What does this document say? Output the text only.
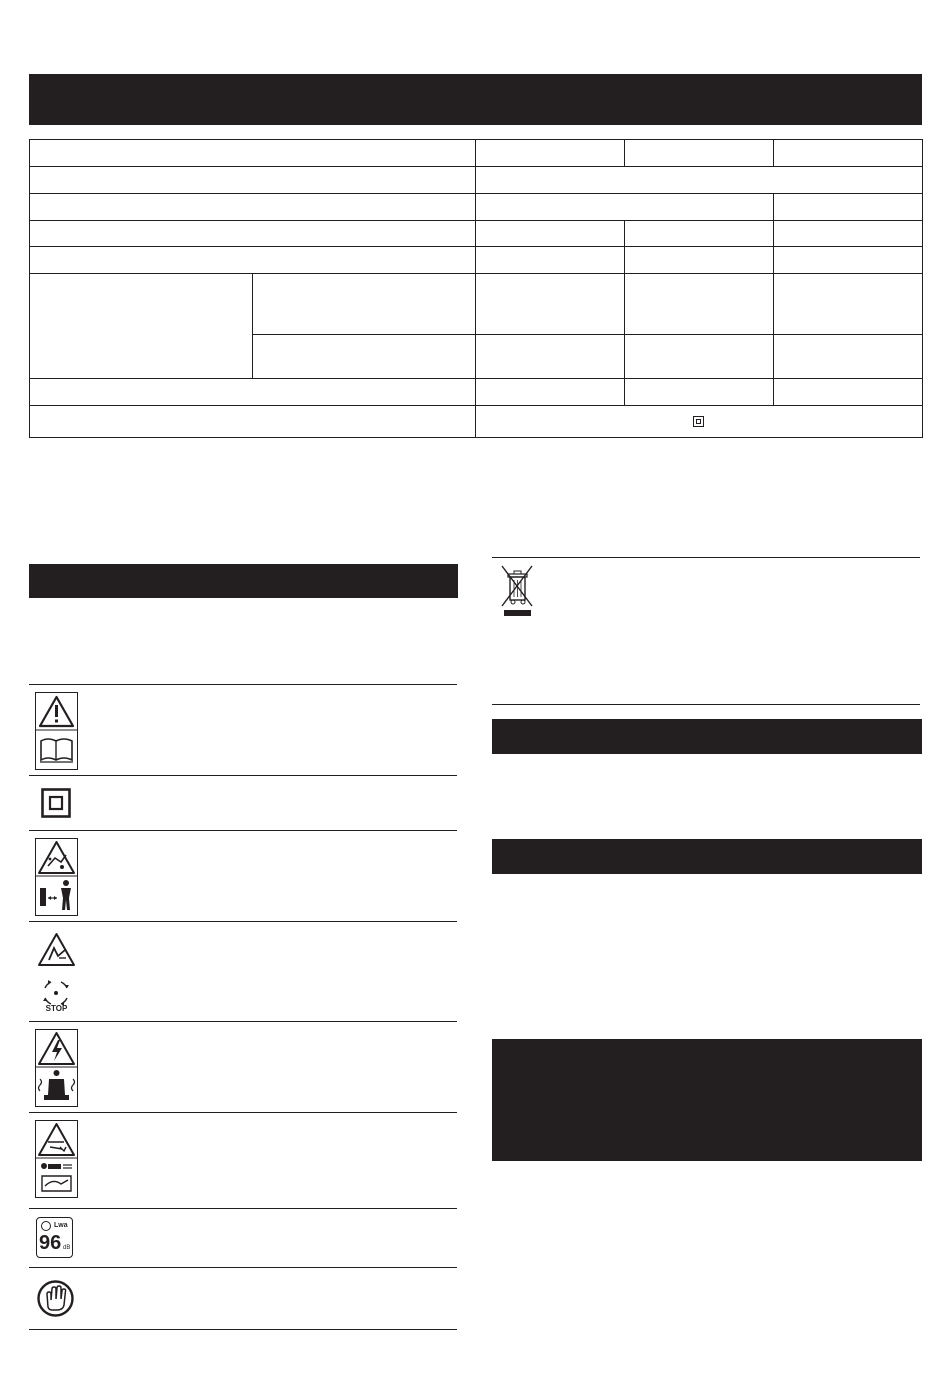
STOP
Lwa
96 dB
